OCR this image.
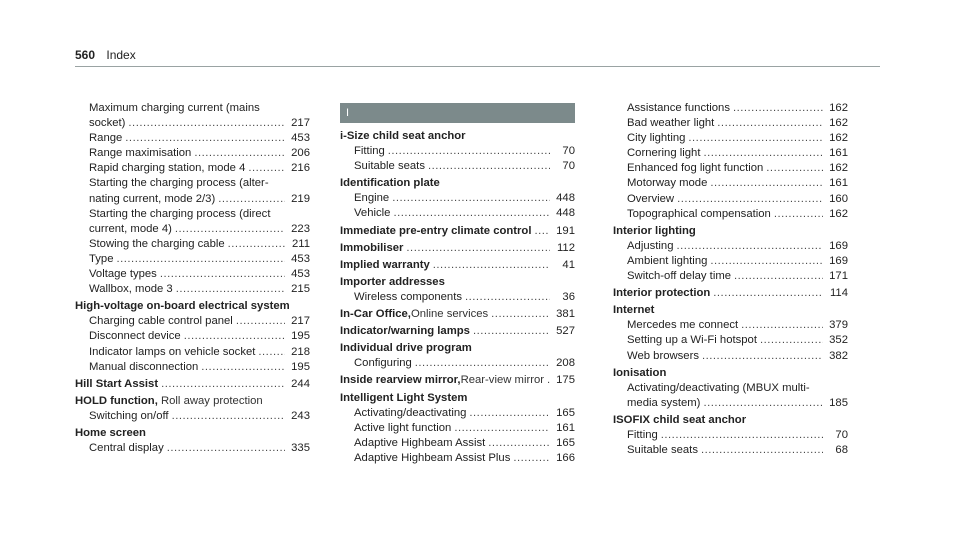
560 Index
Maximum charging current (mains
socket) .....	217
Range .....	453
Range maximisation .....	206
Rapid charging station, mode 4 .....	216
Starting the charging process (alter-
nating current, mode 2/3) .....	219
Starting the charging process (direct
current, mode 4) .....	223
Stowing the charging cable .....	211
Type .....	453
Voltage types .....	453
Wallbox, mode 3 .....	215
High-voltage on-board electrical system
Charging cable control panel .....	217
Disconnect device .....	195
Indicator lamps on vehicle socket .....	218
Manual disconnection .....	195
Hill Start Assist .....	244
HOLD function, Roll away protection
Switching on/off .....	243
Home screen
Central display .....	335
I
i-Size child seat anchor
Fitting .....	70
Suitable seats .....	70
Identification plate
Engine .....	448
Vehicle .....	448
Immediate pre-entry climate control ..... 191
Immobiliser .....	112
Implied warranty .....	41
Importer addresses
Wireless components .....	36
In-Car Office, Online services .....	381
Indicator/warning lamps .....	527
Individual drive program
Configuring .....	208
Inside rearview mirror, Rear-view mirror ..... 175
Intelligent Light System
Activating/deactivating .....	165
Active light function .....	161
Adaptive Highbeam Assist .....	165
Adaptive Highbeam Assist Plus .....	166
Assistance functions .....	162
Bad weather light .....	162
City lighting .....	162
Cornering light .....	161
Enhanced fog light function .....	162
Motorway mode .....	161
Overview .....	160
Topographical compensation .....	162
Interior lighting
Adjusting .....	169
Ambient lighting .....	169
Switch-off delay time .....	171
Interior protection .....	114
Internet
Mercedes me connect .....	379
Setting up a Wi-Fi hotspot .....	352
Web browsers .....	382
Ionisation
Activating/deactivating (MBUX multi-
media system) .....	185
ISOFIX child seat anchor
Fitting .....	70
Suitable seats .....	68
